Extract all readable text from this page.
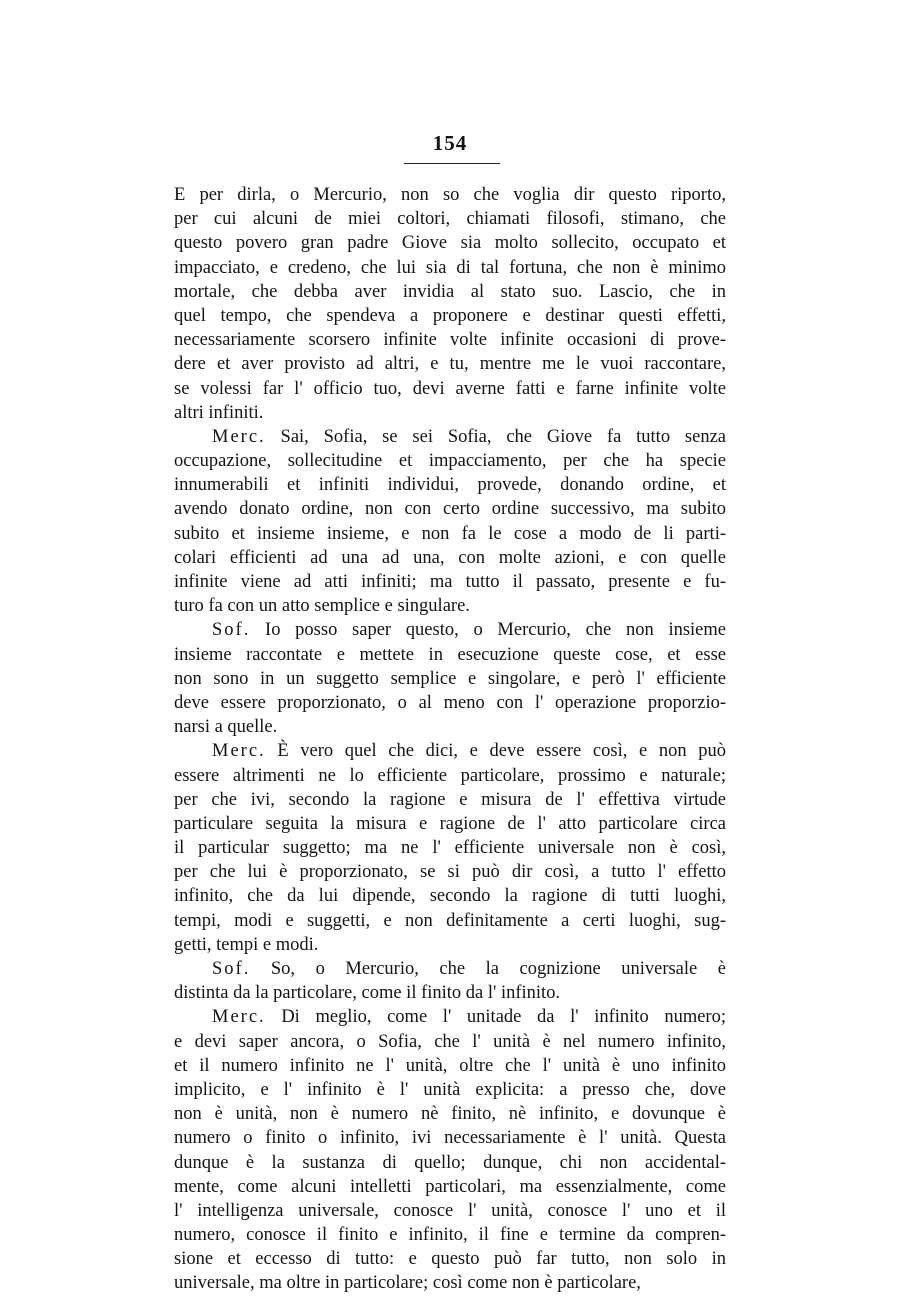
154
E per dirla, o Mercurio, non so che voglia dir questo riporto,
per cui alcuni de miei coltori, chiamati filosofi, stimano, che
questo povero gran padre Giove sia molto sollecito, occupato et
impacciato, e credeno, che lui sia di tal fortuna, che non è minimo
mortale, che debba aver invidia al stato suo. Lascio, che in
quel tempo, che spendeva a proponere e destinar questi effetti,
necessariamente scorsero infinite volte infinite occasioni di prove-
dere et aver provisto ad altri, e tu, mentre me le vuoi raccontare,
se volessi far l' officio tuo, devi averne fatti e farne infinite volte
altri infiniti.
Merc. Sai, Sofia, se sei Sofia, che Giove fa tutto senza
occupazione, sollecitudine et impacciamento, per che ha specie
innumerabili et infiniti individui, provede, donando ordine, et
avendo donato ordine, non con certo ordine successivo, ma subito
subito et insieme insieme, e non fa le cose a modo de li parti-
colari efficienti ad una ad una, con molte azioni, e con quelle
infinite viene ad atti infiniti; ma tutto il passato, presente e fu-
turo fa con un atto semplice e singulare.
Sof. Io posso saper questo, o Mercurio, che non insieme
insieme raccontate e mettete in esecuzione queste cose, et esse
non sono in un suggetto semplice e singolare, e però l' efficiente
deve essere proporzionato, o al meno con l' operazione proporzio-
narsi a quelle.
Merc. È vero quel che dici, e deve essere così, e non può
essere altrimenti ne lo efficiente particolare, prossimo e naturale;
per che ivi, secondo la ragione e misura de l' effettiva virtude
particulare seguita la misura e ragione de l' atto particolare circa
il particular suggetto; ma ne l' efficiente universale non è così,
per che lui è proporzionato, se si può dir così, a tutto l' effetto
infinito, che da lui dipende, secondo la ragione di tutti luoghi,
tempi, modi e suggetti, e non definitamente a certi luoghi, sug-
getti, tempi e modi.
Sof. So, o Mercurio, che la cognizione universale è
distinta da la particolare, come il finito da l' infinito.
Merc. Di meglio, come l' unitade da l' infinito numero;
e devi saper ancora, o Sofia, che l' unità è nel numero infinito,
et il numero infinito ne l' unità, oltre che l' unità è uno infinito
implicito, e l' infinito è l' unità explicita: a presso che, dove
non è unità, non è numero nè finito, nè infinito, e dovunque è
numero o finito o infinito, ivi necessariamente è l' unità. Questa
dunque è la sustanza di quello; dunque, chi non accidental-
mente, come alcuni intelletti particolari, ma essenzialmente, come
l' intelligenza universale, conosce l' unità, conosce l' uno et il
numero, conosce il finito e infinito, il fine e termine da compren-
sione et eccesso di tutto: e questo può far tutto, non solo in
universale, ma oltre in particolare; così come non è particolare,
